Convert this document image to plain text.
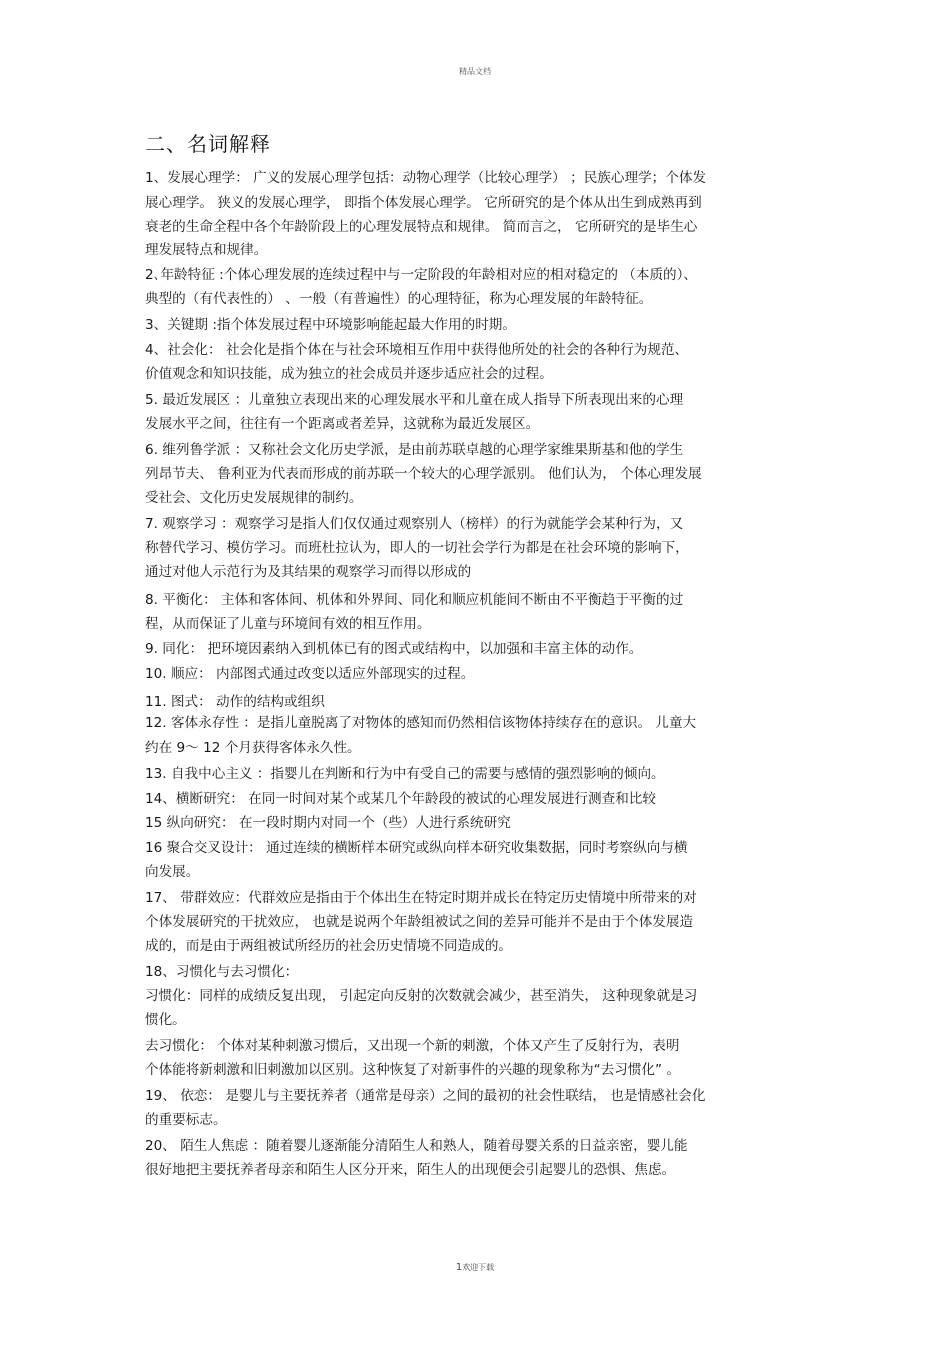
精品文档
二、名词解释
1、发展心理学： 广义的发展心理学包括：动物心理学（比较心理学） ；民族心理学；个体发
展心理学。 狭义的发展心理学， 即指个体发展心理学。 它所研究的是个体从出生到成熟再到
衰老的生命全程中各个年龄阶段上的心理发展特点和规律。 简而言之， 它所研究的是毕生心
理发展特点和规律。
2､年龄特征 :个体心理发展的连续过程中与一定阶段的年龄相对应的相对稳定的 （本质的）、
典型的（有代表性的） 、一般（有普遍性）的心理特征，称为心理发展的年龄特征。
3、关键期 :指个体发展过程中环境影响能起最大作用的时期。
4、社会化： 社会化是指个体在与社会环境相互作用中获得他所处的社会的各种行为规范、
价值观念和知识技能，成为独立的社会成员并逐步适应社会的过程。
5. 最近发展区 ：儿童独立表现出来的心理发展水平和儿童在成人指导下所表现出来的心理
发展水平之间，往往有一个距离或者差异，这就称为最近发展区。
6. 维列鲁学派 ：又称社会文化历史学派，是由前苏联卓越的心理学家维果斯基和他的学生
列昂节夫、 鲁利亚为代表而形成的前苏联一个较大的心理学派别。 他们认为， 个体心理发展
受社会、文化历史发展规律的制约。
7. 观察学习 ：观察学习是指人们仅仅通过观察别人（榜样）的行为就能学会某种行为，又
称替代学习、模仿学习。而班杜拉认为，即人的一切社会学行为都是在社会环境的影响下，
通过对他人示范行为及其结果的观察学习而得以形成的
8. 平衡化： 主体和客体间、机体和外界间、同化和顺应机能间不断由不平衡趋于平衡的过
程，从而保证了儿童与环境间有效的相互作用。
9. 同化： 把环境因素纳入到机体已有的图式或结构中，以加强和丰富主体的动作。
10. 顺应： 内部图式通过改变以适应外部现实的过程。
11. 图式： 动作的结构或组织
12. 客体永存性 ：是指儿童脱离了对物体的感知而仍然相信该物体持续存在的意识。 儿童大
约在 9～ 12 个月获得客体永久性。
13. 自我中心主义 ：指婴儿在判断和行为中有受自己的需要与感情的强烈影响的倾向。
14、横断研究： 在同一时间对某个或某几个年龄段的被试的心理发展进行测查和比较
15 纵向研究： 在一段时期内对同一个（些）人进行系统研究
16 聚合交叉设计： 通过连续的横断样本研究或纵向样本研究收集数据，同时考察纵向与横
向发展。
17、 带群效应：代群效应是指由于个体出生在特定时期并成长在特定历史情境中所带来的对
个体发展研究的干扰效应， 也就是说两个年龄组被试之间的差异可能并不是由于个体发展造
成的，而是由于两组被试所经历的社会历史情境不同造成的。
18、习惯化与去习惯化：
习惯化：同样的成绩反复出现， 引起定向反射的次数就会减少，甚至消失， 这种现象就是习
惯化。
去习惯化： 个体对某种刺激习惯后，又出现一个新的刺激，个体又产生了反射行为，表明
个体能将新刺激和旧刺激加以区别。这种恢复了对新事件的兴趣的现象称为“去习惯化” 。
19、 依恋： 是婴儿与主要抚养者（通常是母亲）之间的最初的社会性联结， 也是情感社会化
的重要标志。
20、 陌生人焦虑 ：随着婴儿逐渐能分清陌生人和熟人，随着母婴关系的日益亲密，婴儿能
很好地把主要抚养者母亲和陌生人区分开来，陌生人的出现便会引起婴儿的恐惧、焦虑。
1欢迎下载
